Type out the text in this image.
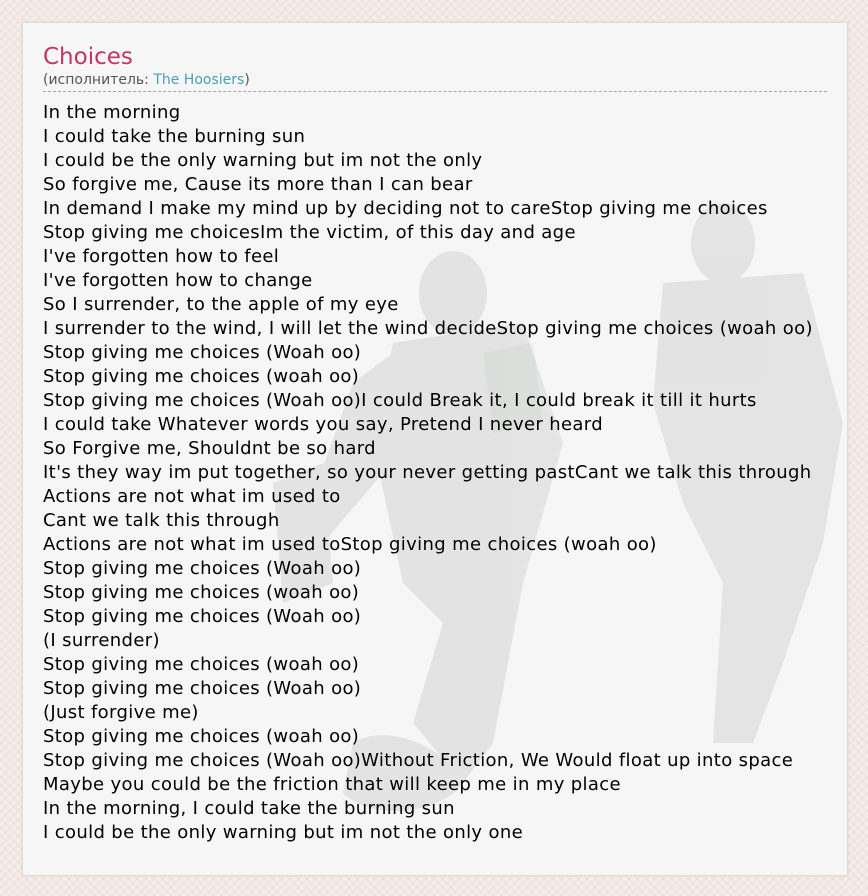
Choices
(исполнитель: The Hoosiers)
In the morning
I could take the burning sun
I could be the only warning but im not the only
So forgive me, Cause its more than I can bear
In demand I make my mind up by deciding not to careStop giving me choices
Stop giving me choicesIm the victim, of this day and age
I've forgotten how to feel
I've forgotten how to change
So I surrender, to the apple of my eye
I surrender to the wind, I will let the wind decideStop giving me choices (woah oo)
Stop giving me choices (Woah oo)
Stop giving me choices (woah oo)
Stop giving me choices (Woah oo)I could Break it, I could break it till it hurts
I could take Whatever words you say, Pretend I never heard
So Forgive me, Shouldnt be so hard
It's they way im put together, so your never getting pastCant we talk this through
Actions are not what im used to
Cant we talk this through
Actions are not what im used toStop giving me choices (woah oo)
Stop giving me choices (Woah oo)
Stop giving me choices (woah oo)
Stop giving me choices (Woah oo)
(I surrender)
Stop giving me choices (woah oo)
Stop giving me choices (Woah oo)
(Just forgive me)
Stop giving me choices (woah oo)
Stop giving me choices (Woah oo)Without Friction, We Would float up into space
Maybe you could be the friction that will keep me in my place
In the morning, I could take the burning sun
I could be the only warning but im not the only one
